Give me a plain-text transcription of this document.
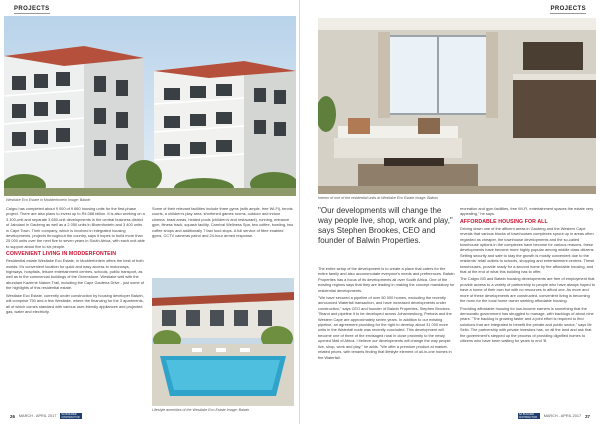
PROJECTS
Westlake Eco Estate in Modderfontein Image: Balwin

Calgro has completed about 9 000 of 9 660 housing units for the first-phase project. There are also plans to invest up to R4.068 billion. It is also working on a 3 100-unit and separate 3 650-unit developments in the central business district of Jabulani in Gauteng as well as a 2 050 units in Bloemfontein and 3 400 units in Cape Town. Their company, which is involved in integrated housing developments, projects throughout the country, says it hopes to build more than 25 000 units over the next five to seven years in South Africa, with each unit able to support about five to six people.

CONVENIENT LIVING IN MODDERFONTEIN

Residential estate Westlake Eco Estate, in Modderfontein offers the best of both worlds: It's convenient location for quick and easy access to motorways, highways, hospitals, leisure entertainment centres, schools, public transport, as well as to the commercial buildings of the Greenstone. Westlake well with the abundant Kazerne Nature Trail, including the Cape Gautena Drive - just some of the highlights of this residential estate.

Westlake Eco Estate, currently under construction by housing developer Balwin, will comprise 750 and a few Westlake, where the financing for the 3 apartments, all of which comes standard with various user-friendly appliances and projected gas, water and electricity.

Some of their relevant facilities include three gyms (with ample, free Wi-Fi), tennis courts, a children's play area, shortened games rooms, outdoor and indoor cinema, braai areas, heated pools (children's and restaurant), running, entrance gym, fitness track, squash facility, Carnival Wellness Spa, two coffee, bowling, two coffee shops and additionally 7 fast food stops. A full service of fibre enabled gyms, CCTV cameras patrol and 24-hour armed response.

Lifestyle amenities of the Westlake Eco Estate Image: Balwin
26 MARCH - APRIL 2017 SA BUILDER
CONTRACTOR
PROJECTS
Interior of one of the residential units at Westlake Eco Estate Image: Balwin
"Our developments will change the way people live, shop, work and play," says Stephen Brookes, CEO and founder of Balwin Properties.

The entire setup of the development is to create a place that caters for the entire family and also accommodate everyone's needs and preferences. Balwin Properties has a focus of its developments all over South Africa. One of the existing regions says that they are leading in making the concept mandatory for residential developments.

"We have secured a pipeline of over 50 000 homes, excluding the recently announced Waterfall transaction, and have increased developments under construction," says CEO and founder of Balwin Properties, Stephen Brookes. "Brand and pipeline it to be developed across Johannesburg, Pretoria and the Western Cape are approximately seven years. In addition to our existing pipeline, an agreement providing for the right to develop about 31 000 more units in the Waterfall node was recently concluded. This development will become one of three of the envisaged rural in close proximity to the newly opened Mall of Africa. I believe our developments will change the way people live, shop, work and play," he adds. "We offer a premium product at market-related prices, with tenants finding that lifestyle element of all-in-one homes in the Waterfall.

recreation and gym facilities, free Wi-Fi, entertainment spaces the estate very appealing," he says.

AFFORDABLE HOUSING FOR ALL

Driving down one of the affluent areas in Gauteng and the Western Cape reveals that various blocks of townhouses complexes sprout up in areas often regarded as cheaper, the townhouse developments and the so-called townhouse options in the complexes have become for various reasons, these developments have become more highly popular among middle class citizens. Setting security and safe to stay the growth is mostly convenient due to the residents' retail outlets to schools, shopping and entertainment centres. These townhouses, provide ready for a second home by the affordable housing, and that at the end of what this building has to offer.

The Calgro M3 and Balwin housing developments are free of employment that provide access to a variety of partnership to people who have always hoped to have a home of their own but with no resources to afford one. As more and more of these developments are constructed, convenient living is becoming the norm for the local home owner seeking affordable housing.

Providing affordable housing for low-income earners is something that the democratic government has struggled to manage, with backlogs of about nine years. "The backlog is growing faster and a joint effort is required to find solutions that are integrated to benefit the private and public sector," says Mr Sello. The partnership with private investors has, on all the land and ask that the government's stepped up the process of providing dignified homes to citizens who have been waiting for years to end 'ill.

SA BUILDER
CONTRACTOR	MARCH - APRIL 2017 27
